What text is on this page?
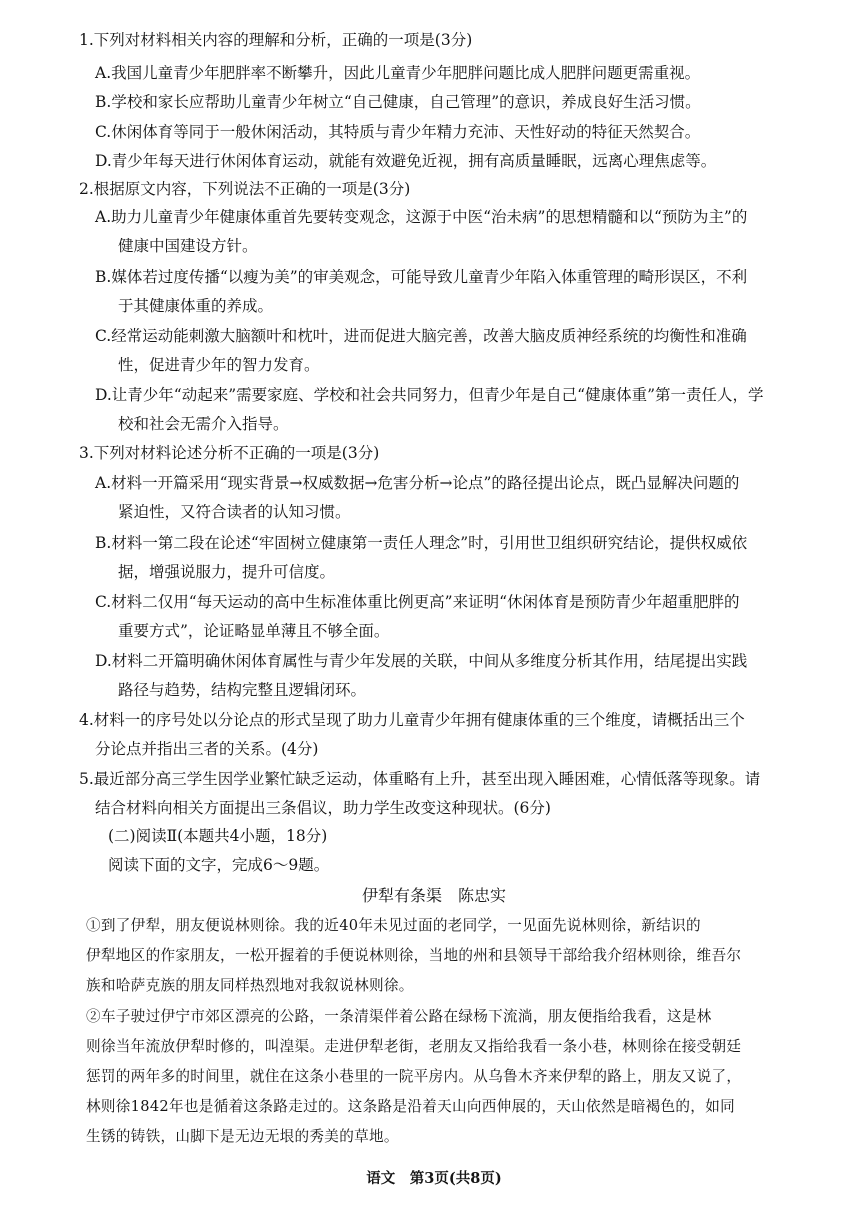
1.下列对材料相关内容的理解和分析，正确的一项是(3分)
A.我国儿童青少年肥胖率不断攀升，因此儿童青少年肥胖问题比成人肥胖问题更需重视。
B.学校和家长应帮助儿童青少年树立“自己健康，自己管理”的意识，养成良好生活习惯。
C.休闲体育等同于一般休闲活动，其特质与青少年精力充沛、天性好动的特征天然契合。
D.青少年每天进行休闲体育运动，就能有效避免近视，拥有高质量睡眠，远离心理焦虑等。
2.根据原文内容，下列说法不正确的一项是(3分)
A.助力儿童青少年健康体重首先要转变观念，这源于中医“治未病”的思想精髓和以“预防为主”的
健康中国建设方针。
B.媒体若过度传播“以瘦为美”的审美观念，可能导致儿童青少年陷入体重管理的畸形误区，不利
于其健康体重的养成。
C.经常运动能刺激大脑额叶和枕叶，进而促进大脑完善，改善大脑皮质神经系统的均衡性和准确
性，促进青少年的智力发育。
D.让青少年“动起来”需要家庭、学校和社会共同努力，但青少年是自己“健康体重”第一责任人，学
校和社会无需介入指导。
3.下列对材料论述分析不正确的一项是(3分)
A.材料一开篇采用“现实背景→权威数据→危害分析→论点”的路径提出论点，既凸显解决问题的
紧迫性，又符合读者的认知习惯。
B.材料一第二段在论述“牢固树立健康第一责任人理念”时，引用世卫组织研究结论，提供权威依
据，增强说服力，提升可信度。
C.材料二仅用“每天运动的高中生标准体重比例更高”来证明“休闲体育是预防青少年超重肥胖的
重要方式”，论证略显单薄且不够全面。
D.材料二开篇明确休闲体育属性与青少年发展的关联，中间从多维度分析其作用，结尾提出实践
路径与趋势，结构完整且逻辑闭环。
4.材料一的序号处以分论点的形式呈现了助力儿童青少年拥有健康体重的三个维度，请概括出三个
分论点并指出三者的关系。(4分)
5.最近部分高三学生因学业繁忙缺乏运动，体重略有上升，甚至出现入睡困难，心情低落等现象。请
结合材料向相关方面提出三条倡议，助力学生改变这种现状。(6分)
(二)阅读Ⅱ(本题共4小题，18分)
阅读下面的文字，完成6～9题。
伊犁有条渠　陈忠实
①到了伊犁，朋友便说林则徐。我的近40年未见过面的老同学，一见面先说林则徐，新结识的
伊犁地区的作家朋友，一松开握着的手便说林则徐，当地的州和县领导干部给我介绍林则徐，维吾尔
族和哈萨克族的朋友同样热烈地对我叙说林则徐。
②车子驶过伊宁市郊区漂亮的公路，一条清渠伴着公路在绿杨下流淌，朋友便指给我看，这是林
则徐当年流放伊犁时修的，叫湟渠。走进伊犁老街，老朋友又指给我看一条小巷，林则徐在接受朝廷
惩罚的两年多的时间里，就住在这条小巷里的一院平房内。从乌鲁木齐来伊犁的路上，朋友又说了，
林则徐1842年也是循着这条路走过的。这条路是沿着天山向西伸展的，天山依然是暗褐色的，如同
生锈的铸铁，山脚下是无边无垠的秀美的草地。
语文　第3页(共8页)
